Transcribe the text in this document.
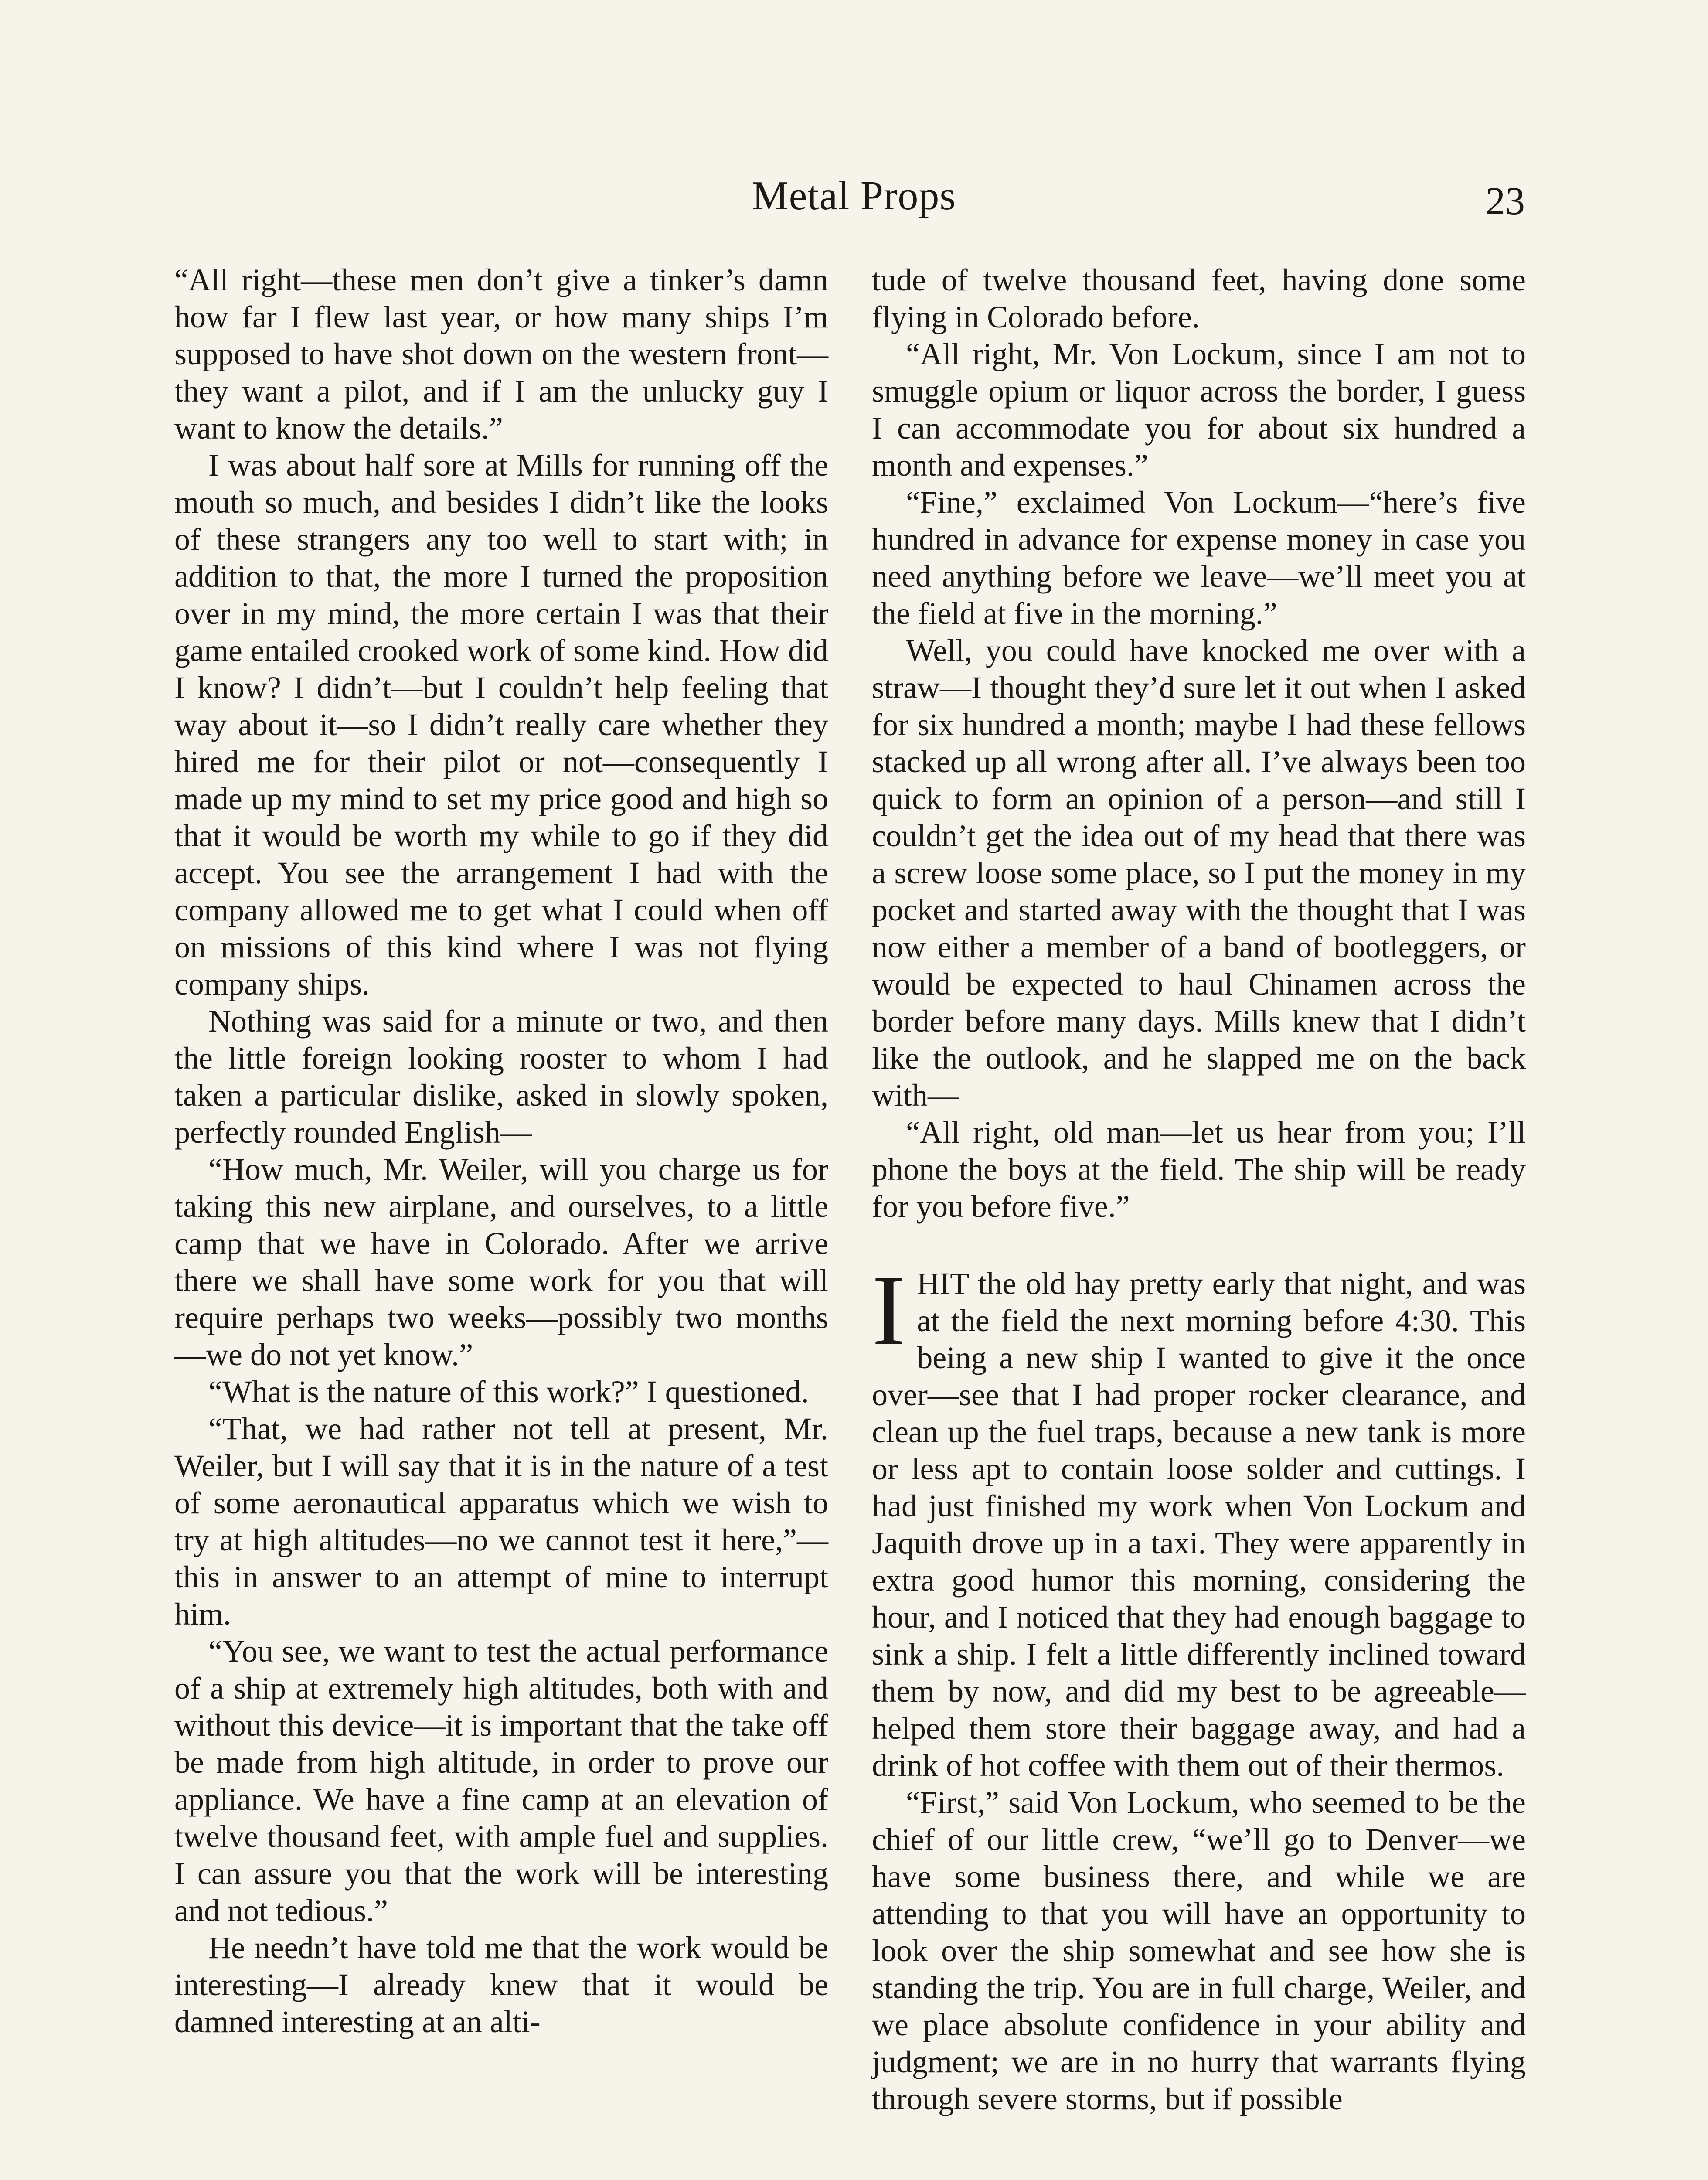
Metal Props	23

“All right—these men don’t give a tinker’s damn how far I flew last year, or how many ships I’m supposed to have shot down on the western front—they want a pilot, and if I am the unlucky guy I want to know the details.”

I was about half sore at Mills for running off the mouth so much, and besides I didn’t like the looks of these strangers any too well to start with; in addition to that, the more I turned the proposition over in my mind, the more certain I was that their game entailed crooked work of some kind. How did I know? I didn’t—but I couldn’t help feeling that way about it—so I didn’t really care whether they hired me for their pilot or not—consequently I made up my mind to set my price good and high so that it would be worth my while to go if they did accept. You see the arrangement I had with the company allowed me to get what I could when off on missions of this kind where I was not flying company ships.

Nothing was said for a minute or two, and then the little foreign looking rooster to whom I had taken a particular dislike, asked in slowly spoken, perfectly rounded English—

“How much, Mr. Weiler, will you charge us for taking this new airplane, and ourselves, to a little camp that we have in Colorado. After we arrive there we shall have some work for you that will require perhaps two weeks—possibly two months—we do not yet know.”

“What is the nature of this work?” I questioned.

“That, we had rather not tell at present, Mr. Weiler, but I will say that it is in the nature of a test of some aeronautical apparatus which we wish to try at high altitudes—no we cannot test it here,”—this in answer to an attempt of mine to interrupt him.

“You see, we want to test the actual performance of a ship at extremely high altitudes, both with and without this device—it is important that the take off be made from high altitude, in order to prove our appliance. We have a fine camp at an elevation of twelve thousand feet, with ample fuel and supplies. I can assure you that the work will be interesting and not tedious.”

He needn’t have told me that the work would be interesting—I already knew that it would be damned interesting at an alti-

tude of twelve thousand feet, having done some flying in Colorado before.

“All right, Mr. Von Lockum, since I am not to smuggle opium or liquor across the border, I guess I can accommodate you for about six hundred a month and expenses.”

“Fine,” exclaimed Von Lockum—“here’s five hundred in advance for expense money in case you need anything before we leave—we’ll meet you at the field at five in the morning.”

Well, you could have knocked me over with a straw—I thought they’d sure let it out when I asked for six hundred a month; maybe I had these fellows stacked up all wrong after all. I’ve always been too quick to form an opinion of a person—and still I couldn’t get the idea out of my head that there was a screw loose some place, so I put the money in my pocket and started away with the thought that I was now either a member of a band of bootleggers, or would be expected to haul Chinamen across the border before many days. Mills knew that I didn’t like the outlook, and he slapped me on the back with—

“All right, old man—let us hear from you; I’ll phone the boys at the field. The ship will be ready for you before five.”

I HIT the old hay pretty early that night, and was at the field the next morning before 4:30. This being a new ship I wanted to give it the once over—see that I had proper rocker clearance, and clean up the fuel traps, because a new tank is more or less apt to contain loose solder and cuttings. I had just finished my work when Von Lockum and Jaquith drove up in a taxi. They were apparently in extra good humor this morning, considering the hour, and I noticed that they had enough baggage to sink a ship. I felt a little differently inclined toward them by now, and did my best to be agreeable—helped them store their baggage away, and had a drink of hot coffee with them out of their thermos.

“First,” said Von Lockum, who seemed to be the chief of our little crew, “we’ll go to Denver—we have some business there, and while we are attending to that you will have an opportunity to look over the ship somewhat and see how she is standing the trip. You are in full charge, Weiler, and we place absolute confidence in your ability and judgment; we are in no hurry that warrants flying through severe storms, but if possible
